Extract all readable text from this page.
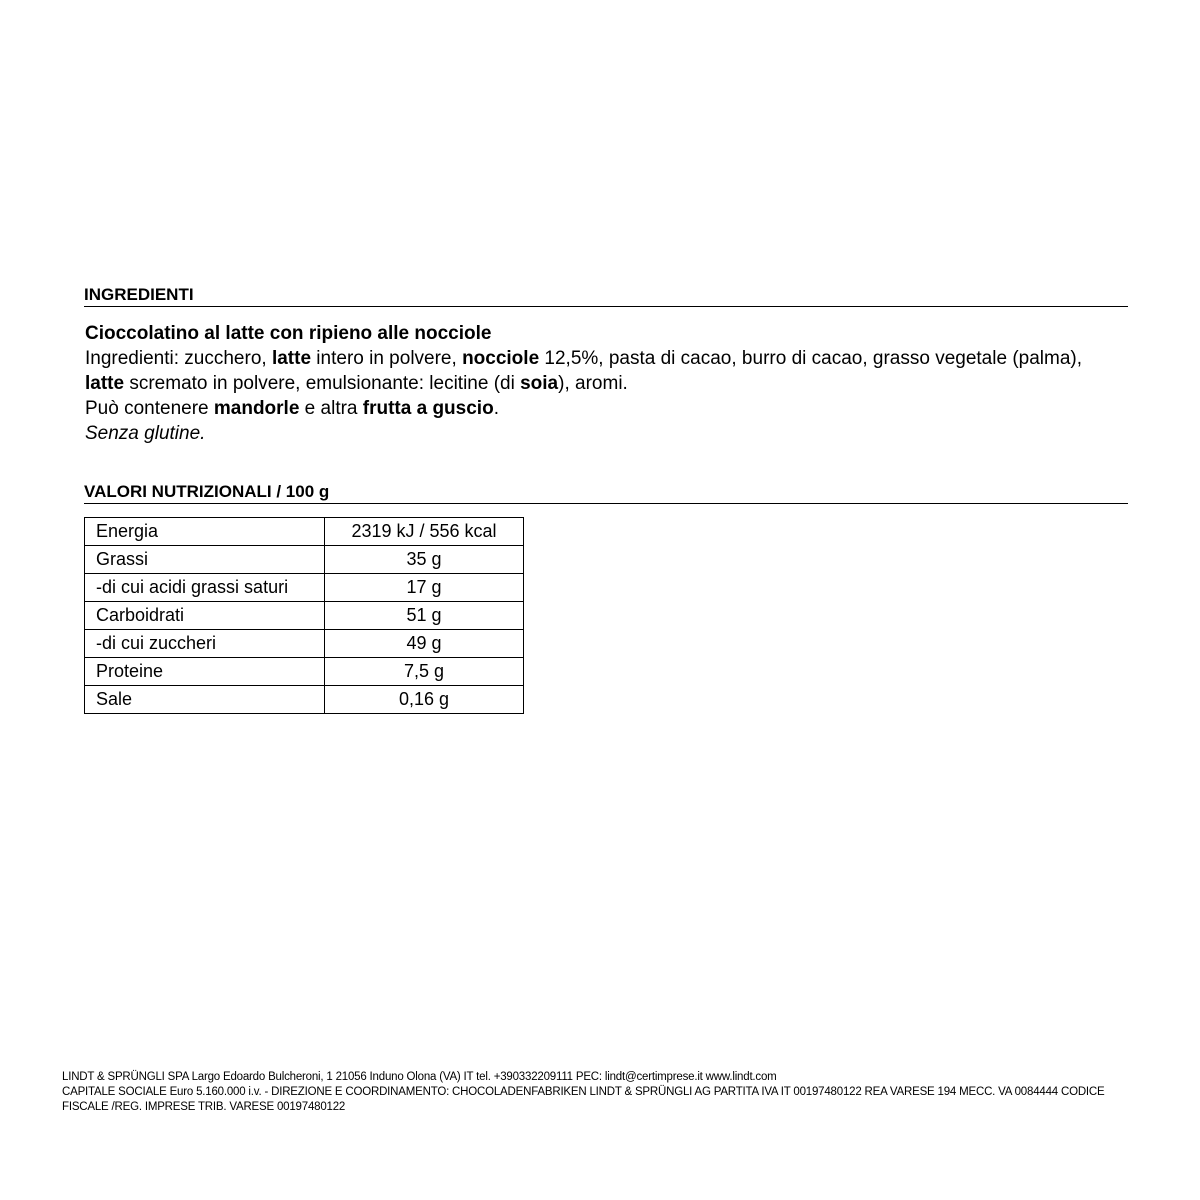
INGREDIENTI

Cioccolatino al latte con ripieno alle nocciole

Ingredienti: zucchero, latte intero in polvere, nocciole 12,5%, pasta di cacao, burro di cacao, grasso vegetale (palma), latte scremato in polvere, emulsionante: lecitine (di soia), aromi.

Può contenere mandorle e altra frutta a guscio.

Senza glutine.

VALORI NUTRIZIONALI / 100 g
Energia	2319 kJ / 556 kcal
Grassi	35 g
-di cui acidi grassi saturi	17 g
Carboidrati	51 g
-di cui zuccheri	49 g
Proteine	7,5 g
Sale	0,16 g

LINDT & SPRÜNGLI SPA Largo Edoardo Bulcheroni, 1 21056 Induno Olona (VA) IT tel. +390332209111 PEC: lindt@certimprese.it www.lindt.com

CAPITALE SOCIALE Euro 5.160.000 i.v. - DIREZIONE E COORDINAMENTO: CHOCOLADENFABRIKEN LINDT & SPRÜNGLI AG PARTITA IVA IT 00197480122 REA VARESE 194 MECC. VA 0084444 CODICE FISCALE /REG. IMPRESE TRIB. VARESE 00197480122
